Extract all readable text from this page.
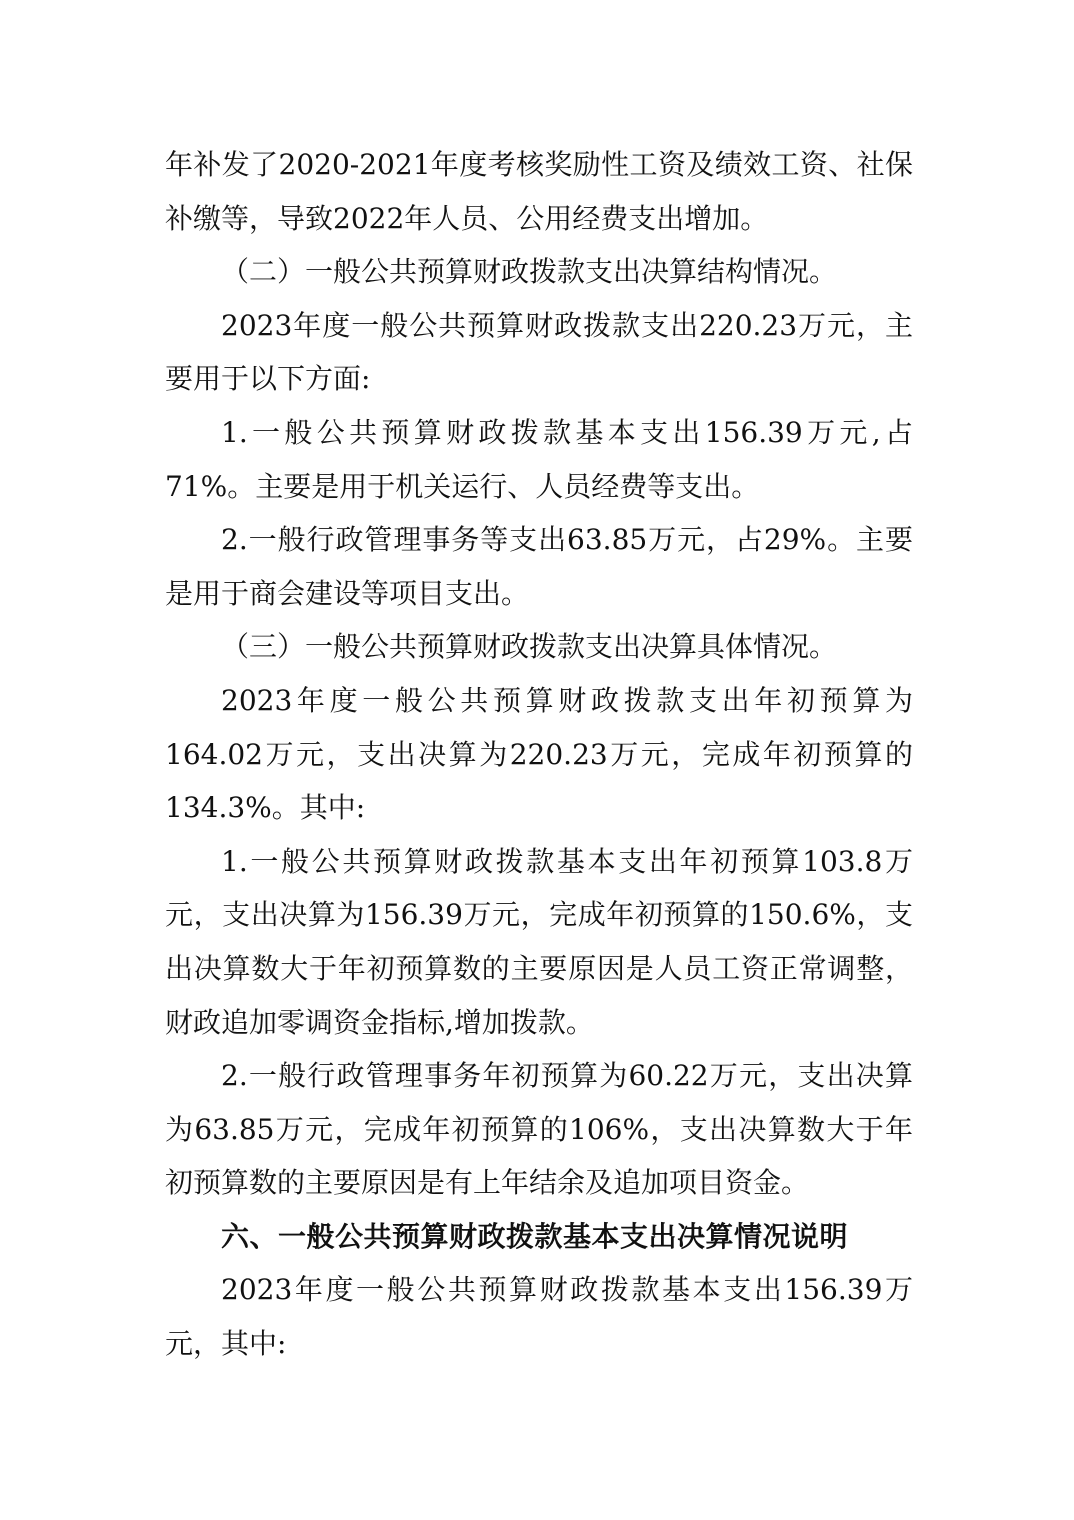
年补发了2020-2021年度考核奖励性工资及绩效工资、社保补缴等，导致2022年人员、公用经费支出增加。

（二）一般公共预算财政拨款支出决算结构情况。

2023年度一般公共预算财政拨款支出220.23万元，主要用于以下方面:

1.一般公共预算财政拨款基本支出156.39万元,占71%。主要是用于机关运行、人员经费等支出。

2.一般行政管理事务等支出63.85万元，占29%。主要是用于商会建设等项目支出。

（三）一般公共预算财政拨款支出决算具体情况。

2023年度一般公共预算财政拨款支出年初预算为164.02万元，支出决算为220.23万元，完成年初预算的134.3%。其中:

1.一般公共预算财政拨款基本支出年初预算103.8万元，支出决算为156.39万元，完成年初预算的150.6%，支出决算数大于年初预算数的主要原因是人员工资正常调整，财政追加零调资金指标,增加拨款。

2.一般行政管理事务年初预算为60.22万元，支出决算为63.85万元，完成年初预算的106%，支出决算数大于年初预算数的主要原因是有上年结余及追加项目资金。

六、一般公共预算财政拨款基本支出决算情况说明

2023年度一般公共预算财政拨款基本支出156.39万元，其中:
